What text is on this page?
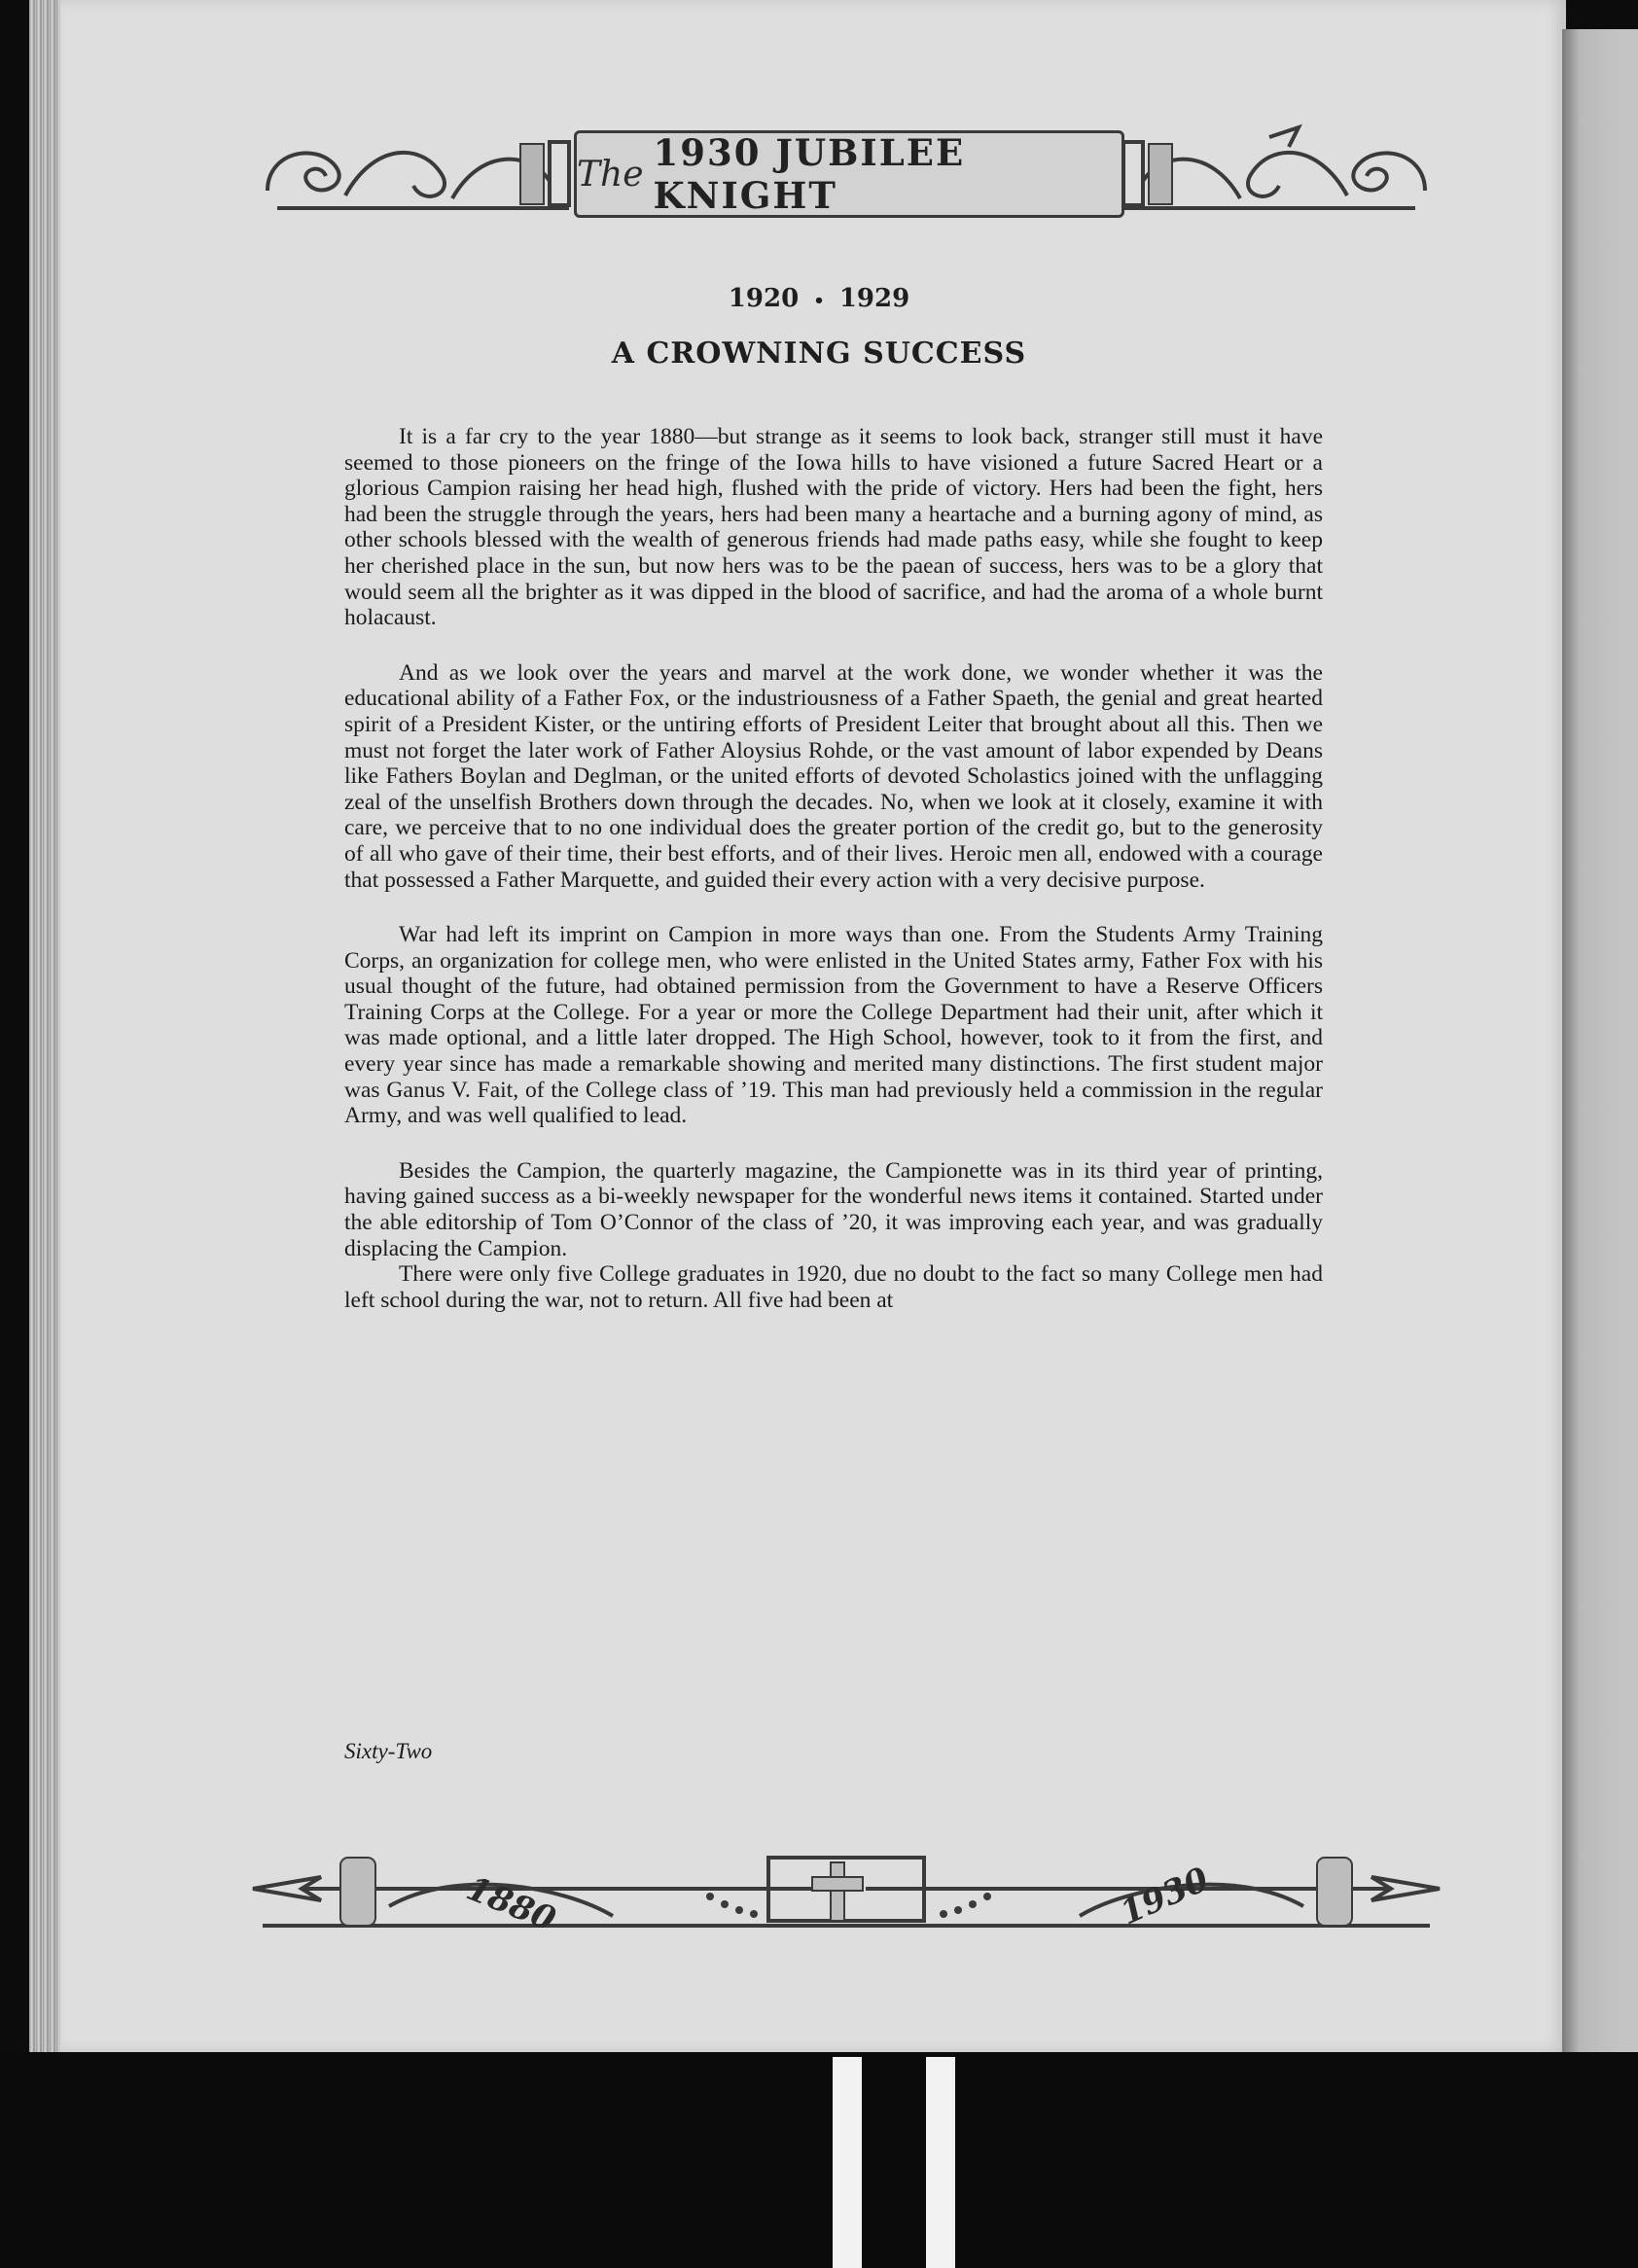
The 1930 JUBILEE KNIGHT
1920 • 1929
A CROWNING SUCCESS

It is a far cry to the year 1880—but strange as it seems to look back, stranger still must it have seemed to those pioneers on the fringe of the Iowa hills to have visioned a future Sacred Heart or a glorious Campion raising her head high, flushed with the pride of victory. Hers had been the fight, hers had been the struggle through the years, hers had been many a heartache and a burning agony of mind, as other schools blessed with the wealth of generous friends had made paths easy, while she fought to keep her cherished place in the sun, but now hers was to be the paean of success, hers was to be a glory that would seem all the brighter as it was dipped in the blood of sacrifice, and had the aroma of a whole burnt holacaust.

And as we look over the years and marvel at the work done, we wonder whether it was the educational ability of a Father Fox, or the industriousness of a Father Spaeth, the genial and great hearted spirit of a President Kister, or the untiring efforts of President Leiter that brought about all this. Then we must not forget the later work of Father Aloysius Rohde, or the vast amount of labor expended by Deans like Fathers Boylan and Deglman, or the united efforts of devoted Scholastics joined with the unflagging zeal of the unselfish Brothers down through the decades. No, when we look at it closely, examine it with care, we perceive that to no one individual does the greater portion of the credit go, but to the generosity of all who gave of their time, their best efforts, and of their lives. Heroic men all, endowed with a courage that possessed a Father Marquette, and guided their every action with a very decisive purpose.

War had left its imprint on Campion in more ways than one. From the Students Army Training Corps, an organization for college men, who were enlisted in the United States army, Father Fox with his usual thought of the future, had obtained permission from the Government to have a Reserve Officers Training Corps at the College. For a year or more the College Department had their unit, after which it was made optional, and a little later dropped. The High School, however, took to it from the first, and every year since has made a remarkable showing and merited many distinctions. The first student major was Ganus V. Fait, of the College class of ’19. This man had previously held a commission in the regular Army, and was well qualified to lead.

Besides the Campion, the quarterly magazine, the Campionette was in its third year of printing, having gained success as a bi-weekly newspaper for the wonderful news items it contained. Started under the able editorship of Tom O’Connor of the class of ’20, it was improving each year, and was gradually displacing the Campion.

There were only five College graduates in 1920, due no doubt to the fact so many College men had left school during the war, not to return. All five had been at

Sixty-Two
1880	1930
